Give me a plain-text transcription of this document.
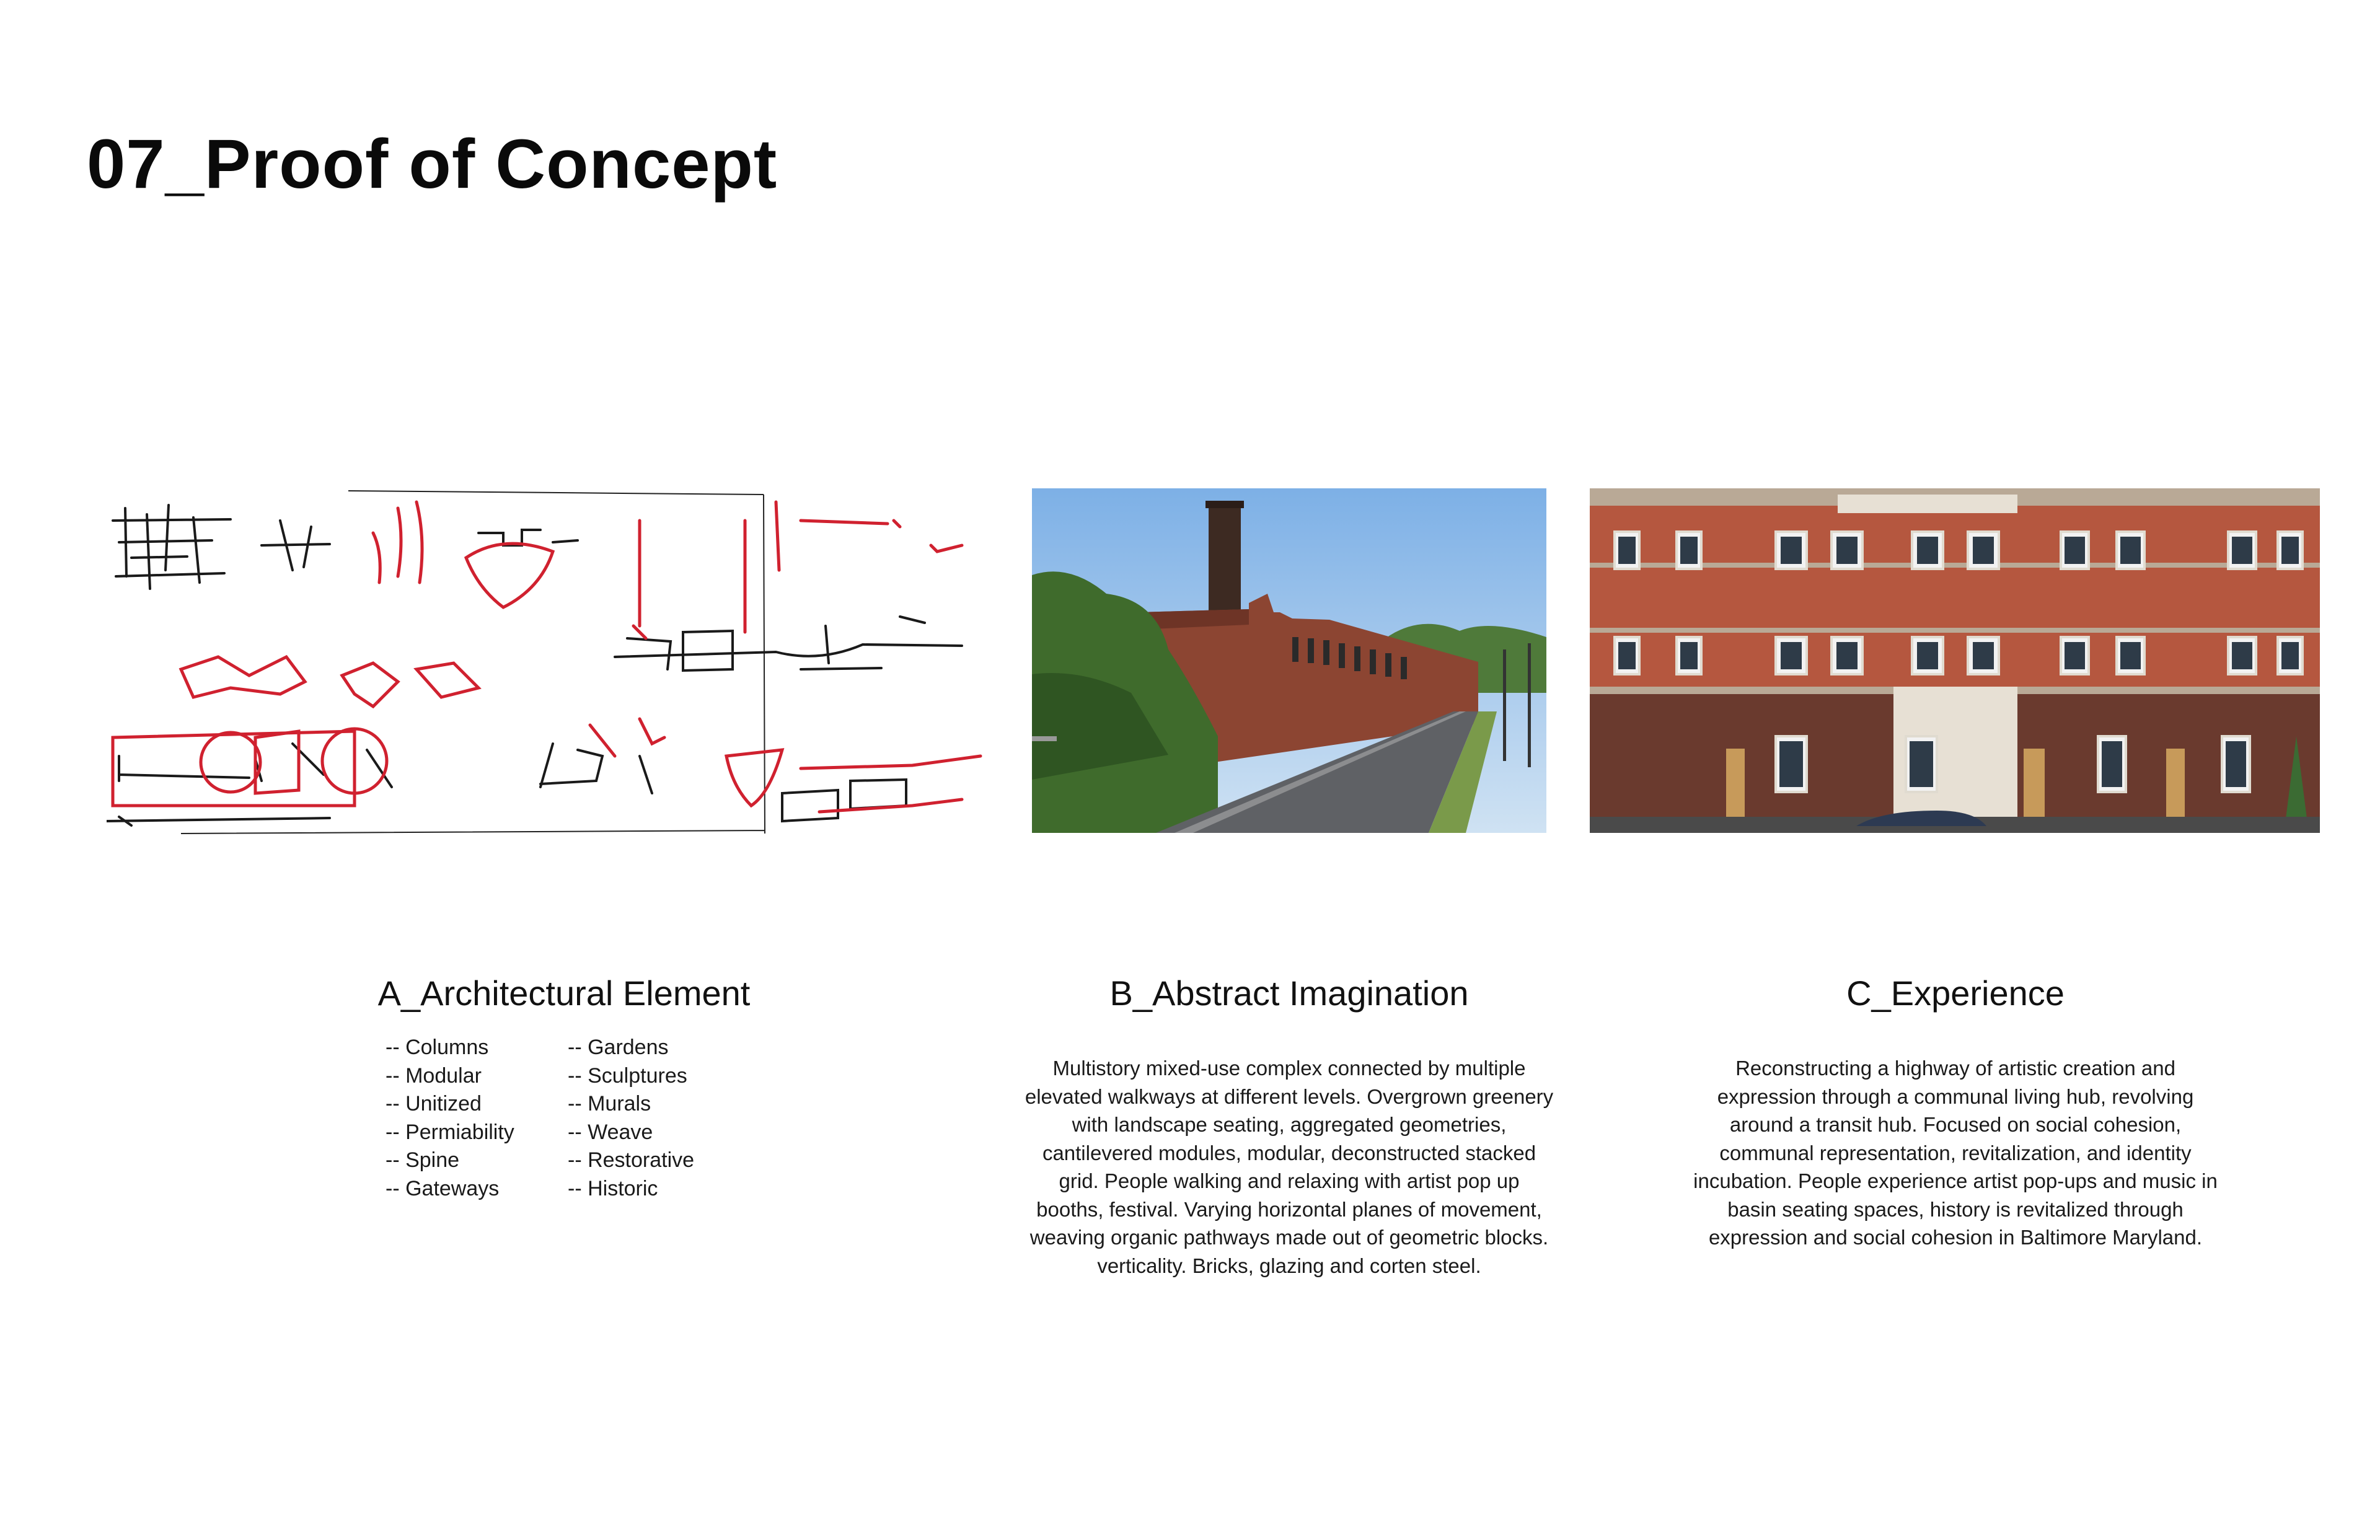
07_Proof of Concept
A_Architectural Element
-- Columns
-- Modular
-- Unitized
-- Permiability
-- Spine
-- Gateways
-- Gardens
-- Sculptures
-- Murals
-- Weave
-- Restorative
-- Historic
B_Abstract Imagination

Multistory mixed-use complex connected by multiple elevated walkways at different levels. Overgrown greenery with landscape seating, aggregated geometries, cantilevered modules, modular, deconstructed stacked grid. People walking and relaxing with artist pop up booths, festival. Varying horizontal planes of movement, weaving organic pathways made out of geometric blocks. verticality. Bricks, glazing and corten steel.

C_Experience

Reconstructing a highway of artistic creation and expression through a communal living hub, revolving around a transit hub. Focused on social cohesion, communal representation, revitalization, and identity incubation. People experience artist pop-ups and music in basin seating spaces, history is revitalized through expression and social cohesion in Baltimore Maryland.
